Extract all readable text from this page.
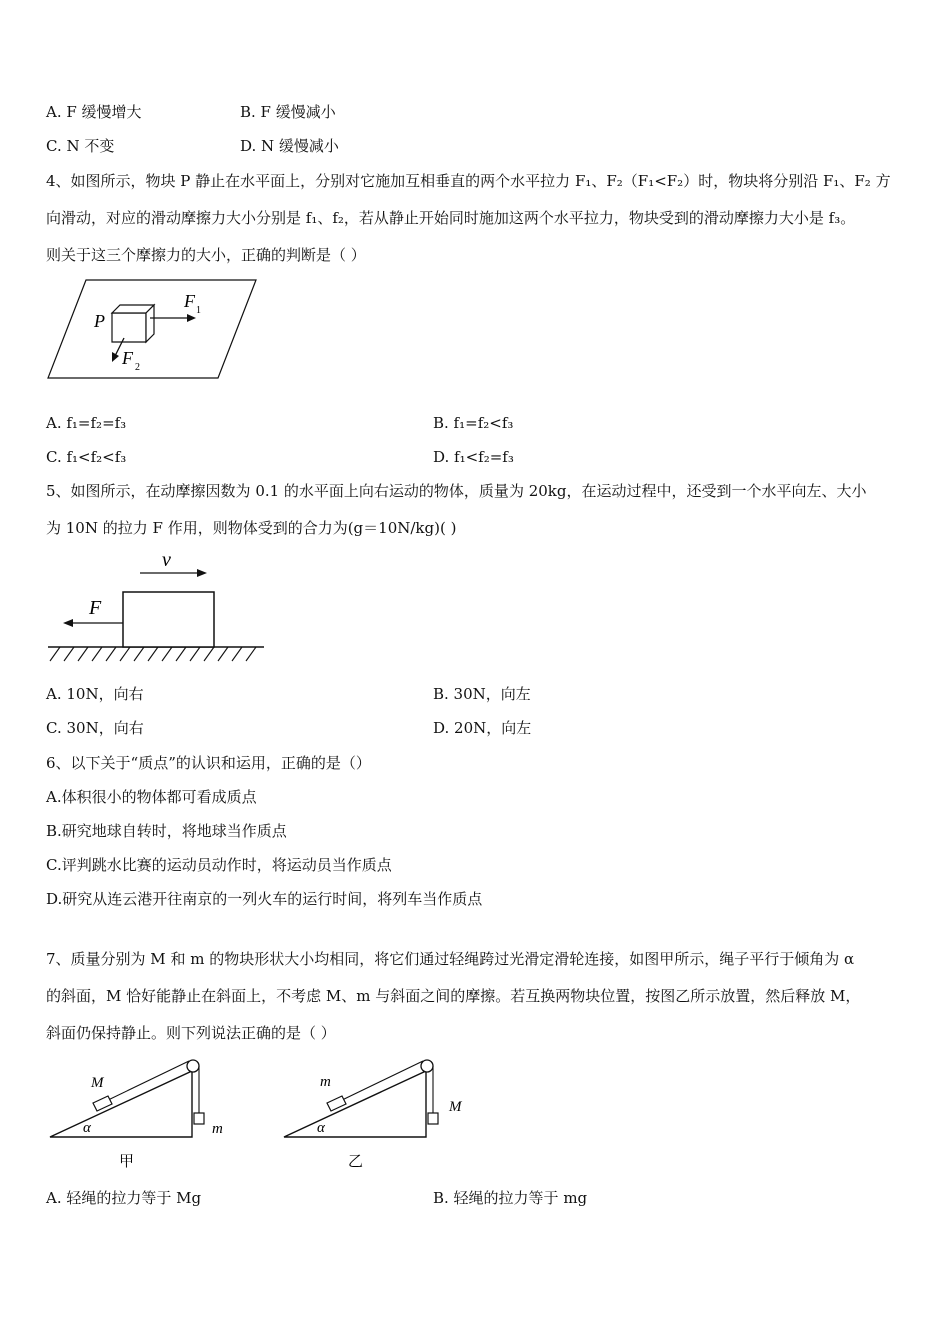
A. F 缓慢增大	B. F 缓慢减小
C. N 不变	D. N 缓慢减小
4、如图所示，物块 P 静止在水平面上，分别对它施加互相垂直的两个水平拉力 F₁、F₂（F₁<F₂）时，物块将分别沿 F₁、F₂ 方
向滑动，对应的滑动摩擦力大小分别是 f₁、f₂，若从静止开始同时施加这两个水平拉力，物块受到的滑动摩擦力大小是 f₃。
则关于这三个摩擦力的大小，正确的判断是（ ）
P
F 1
F 2
A. f₁=f₂=f₃	B. f₁=f₂<f₃
C. f₁<f₂<f₃	D. f₁<f₂=f₃
5、如图所示，在动摩擦因数为 0.1 的水平面上向右运动的物体，质量为 20kg，在运动过程中，还受到一个水平向左、大小
为 10N 的拉力 F 作用，则物体受到的合力为(g＝10N/kg)( )
v
F
A. 10N，向右	B. 30N，向左
C. 30N，向右	D. 20N，向左
6、以下关于“质点”的认识和运用，正确的是（）
A.体积很小的物体都可看成质点
B.研究地球自转时，将地球当作质点
C.评判跳水比赛的运动员动作时，将运动员当作质点
D.研究从连云港开往南京的一列火车的运行时间，将列车当作质点
7、质量分别为 M 和 m 的物块形状大小均相同，将它们通过轻绳跨过光滑定滑轮连接，如图甲所示，绳子平行于倾角为 α
的斜面，M 恰好能静止在斜面上，不考虑 M、m 与斜面之间的摩擦。若互换两物块位置，按图乙所示放置，然后释放 M，
斜面仍保持静止。则下列说法正确的是（ ）
M
m
α
甲
m
M
α
乙
A. 轻绳的拉力等于 Mg	B. 轻绳的拉力等于 mg
